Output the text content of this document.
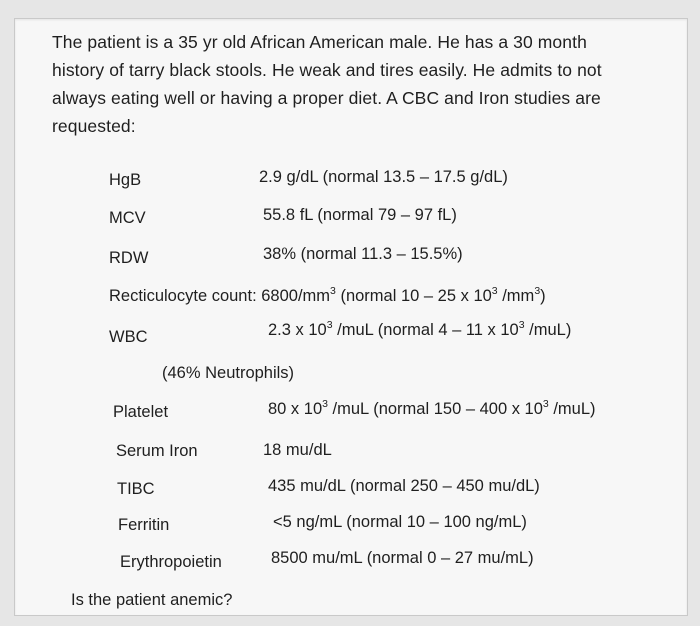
The patient is a 35 yr old African American male. He has a 30 month history of tarry black stools. He weak and tires easily. He admits to not always eating well or having a proper diet. A CBC and Iron studies are requested:

HgB	2.9 g/dL (normal 13.5 – 17.5 g/dL)
MCV	55.8 fL (normal 79 – 97 fL)
RDW	38% (normal 11.3 – 15.5%)
Recticulocyte count: $6800/mm^3$ (normal 10 – 25 x $10^3$ $/mm^3$)
WBC	2.3 x $10^3$ /muL (normal 4 – 11 x $10^3$ /muL)
(46% Neutrophils)
Platelet	80 x $10^3$ /muL (normal 150 – 400 x $10^3$ /muL)
Serum Iron	18 mu/dL
TIBC	435 mu/dL (normal 250 – 450 mu/dL)
Ferritin	<5 ng/mL (normal 10 – 100 ng/mL)
Erythropoietin	8500 mu/mL (normal 0 – 27 mu/mL)
Is the patient anemic?
